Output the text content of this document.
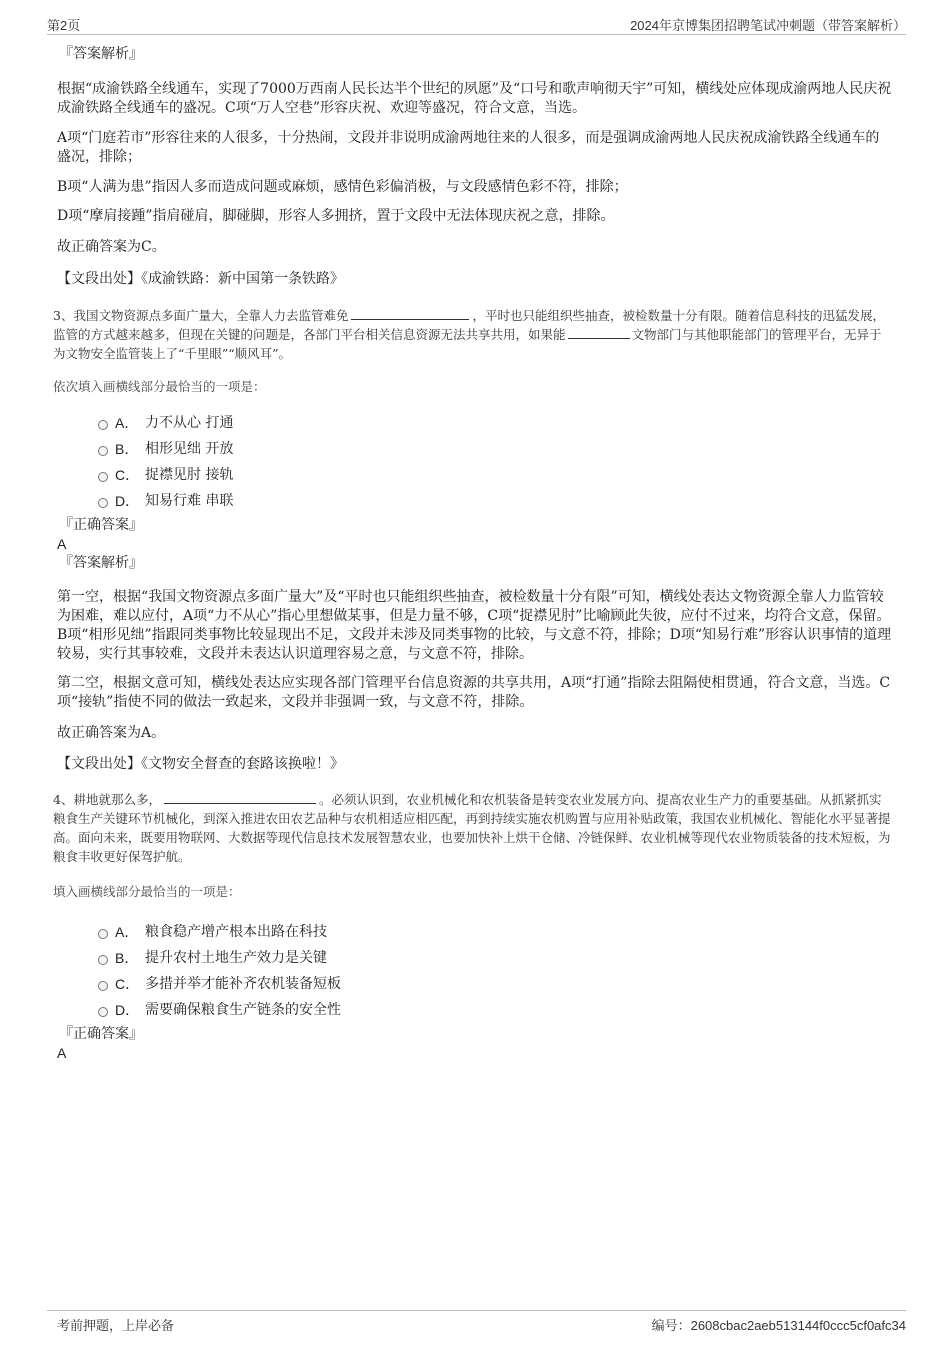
第2页	2024年京博集团招聘笔试冲刺题（带答案解析）

『答案解析』

根据“成渝铁路全线通车，实现了7000万西南人民长达半个世纪的夙愿”及“口号和歌声响彻天宇”可知，横线处应体现成渝两地人民庆祝成渝铁路全线通车的盛况。C项“万人空巷”形容庆祝、欢迎等盛况，符合文意，当选。

A项“门庭若市”形容往来的人很多，十分热闹，文段并非说明成渝两地往来的人很多，而是强调成渝两地人民庆祝成渝铁路全线通车的盛况，排除；

B项“人满为患”指因人多而造成问题或麻烦，感情色彩偏消极，与文段感情色彩不符，排除；

D项“摩肩接踵”指肩碰肩，脚碰脚，形容人多拥挤，置于文段中无法体现庆祝之意，排除。

故正确答案为C。

【文段出处】《成渝铁路：新中国第一条铁路》

3、我国文物资源点多面广量大，全靠人力去监管难免	，平时也只能组织些抽查，被检数量十分有限。随着信息科技的迅猛发展，监管的方式越来越多，但现在关键的问题是，各部门平台相关信息资源无法共享共用，如果能	文物部门与其他职能部门的管理平台，无异于为文物安全监管装上了“千里眼”“顺风耳”。

依次填入画横线部分最恰当的一项是：

A． 力不从心 打通
B． 相形见绌 开放
C． 捉襟见肘 接轨
D． 知易行难 串联

『正确答案』

A

『答案解析』

第一空，根据“我国文物资源点多面广量大”及“平时也只能组织些抽查，被检数量十分有限”可知，横线处表达文物资源全靠人力监管较为困难，难以应付，A项“力不从心”指心里想做某事，但是力量不够，C项“捉襟见肘”比喻顾此失彼，应付不过来，均符合文意，保留。B项“相形见绌”指跟同类事物比较显现出不足，文段并未涉及同类事物的比较，与文意不符，排除；D项“知易行难”形容认识事情的道理较易，实行其事较难，文段并未表达认识道理容易之意，与文意不符，排除。

第二空，根据文意可知，横线处表达应实现各部门管理平台信息资源的共享共用，A项“打通”指除去阻隔使相贯通，符合文意，当选。C项“接轨”指使不同的做法一致起来，文段并非强调一致，与文意不符，排除。

故正确答案为A。

【文段出处】《文物安全督查的套路该换啦！》

4、耕地就那么多，	。必须认识到，农业机械化和农机装备是转变农业发展方向、提高农业生产力的重要基础。从抓紧抓实粮食生产关键环节机械化，到深入推进农田农艺品种与农机相适应相匹配，再到持续实施农机购置与应用补贴政策，我国农业机械化、智能化水平显著提高。面向未来，既要用物联网、大数据等现代信息技术发展智慧农业，也要加快补上烘干仓储、冷链保鲜、农业机械等现代农业物质装备的技术短板，为粮食丰收更好保驾护航。

填入画横线部分最恰当的一项是：

A． 粮食稳产增产根本出路在科技
B． 提升农村土地生产效力是关键
C． 多措并举才能补齐农机装备短板
D． 需要确保粮食生产链条的安全性

『正确答案』

A

考前押题，上岸必备	编号：2608cbac2aeb513144f0ccc5cf0afc34
